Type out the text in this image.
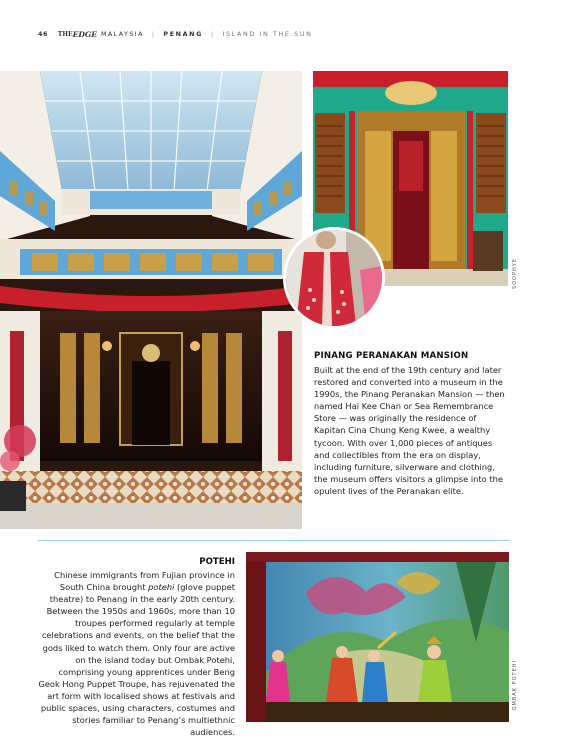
46 THE EDGE MALAYSIA | PENANG | ISLAND IN THE SUN
SOOPHYE
PINANG PERANAKAN MANSION
Built at the end of the 19th century and later restored and converted into a museum in the 1990s, the Pinang Peranakan Mansion — then named Hai Kee Chan or Sea Remembrance Store — was originally the residence of Kapitan Cina Chung Keng Kwee, a wealthy tycoon. With over 1,000 pieces of antiques and collectibles from the era on display, including furniture, silverware and clothing, the museum offers visitors a glimpse into the opulent lives of the Peranakan elite.
POTEHI
Chinese immigrants from Fujian province in South China brought potehi (glove puppet theatre) to Penang in the early 20th century. Between the 1950s and 1960s, more than 10 troupes performed regularly at temple celebrations and events, on the belief that the gods liked to watch them. Only four are active on the island today but Ombak Potehi, comprising young apprentices under Beng Geok Hong Puppet Troupe, has rejuvenated the art form with localised shows at festivals and public spaces, using characters, costumes and stories familiar to Penang’s multiethnic audiences.
OMBAK POTEHI
